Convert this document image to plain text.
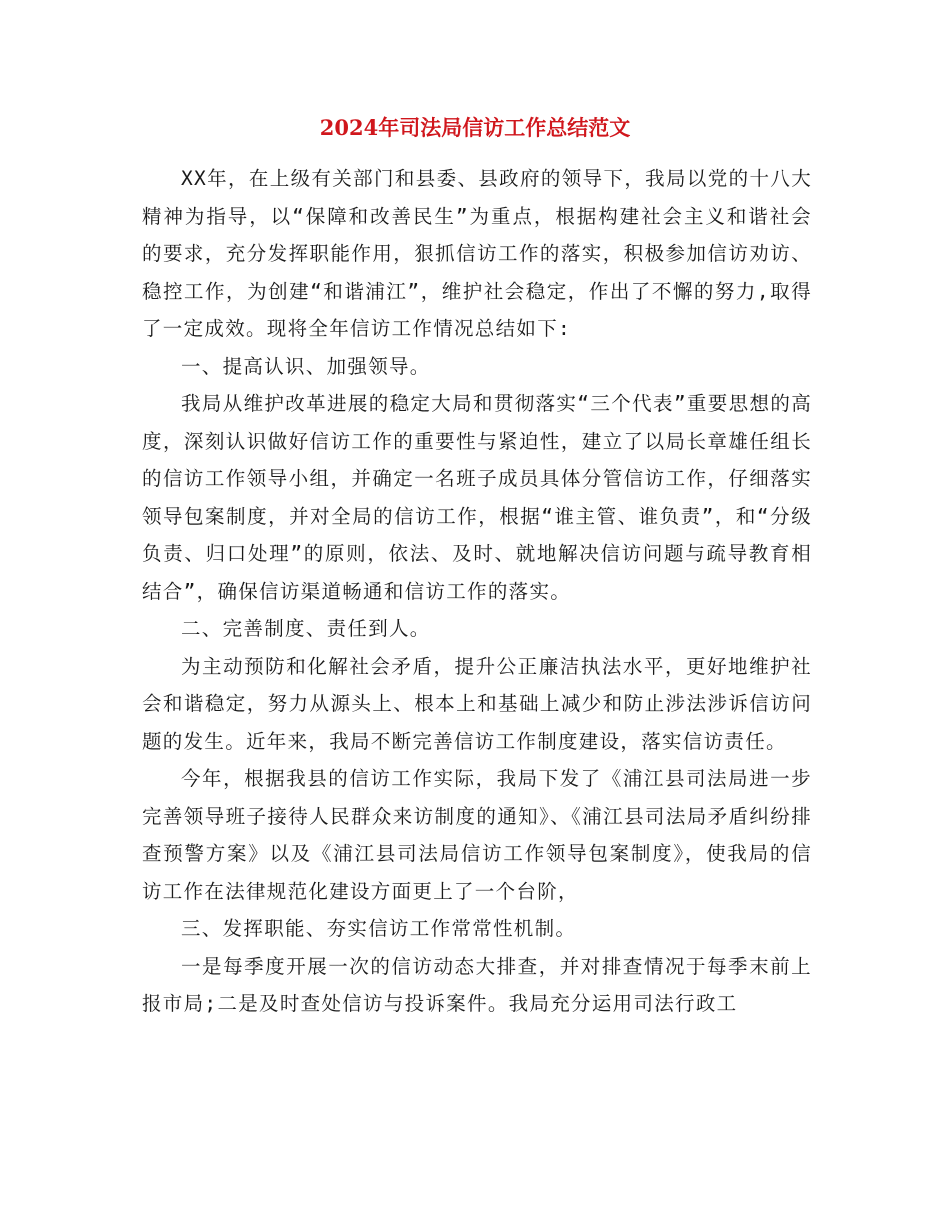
2024年司法局信访工作总结范文

XX年，在上级有关部门和县委、县政府的领导下，我局以党的十八大精神为指导，以“保障和改善民生”为重点，根据构建社会主义和谐社会的要求，充分发挥职能作用，狠抓信访工作的落实，积极参加信访劝访、稳控工作，为创建“和谐浦江”，维护社会稳定，作出了不懈的努力,取得了一定成效。现将全年信访工作情况总结如下:

一、提高认识、加强领导。

我局从维护改革进展的稳定大局和贯彻落实“三个代表”重要思想的高度，深刻认识做好信访工作的重要性与紧迫性，建立了以局长章雄任组长的信访工作领导小组，并确定一名班子成员具体分管信访工作，仔细落实领导包案制度，并对全局的信访工作，根据“谁主管、谁负责”，和“分级负责、归口处理”的原则，依法、及时、就地解决信访问题与疏导教育相结合”，确保信访渠道畅通和信访工作的落实。

二、完善制度、责任到人。

为主动预防和化解社会矛盾，提升公正廉洁执法水平，更好地维护社会和谐稳定，努力从源头上、根本上和基础上减少和防止涉法涉诉信访问题的发生。近年来，我局不断完善信访工作制度建设，落实信访责任。

今年，根据我县的信访工作实际，我局下发了《浦江县司法局进一步完善领导班子接待人民群众来访制度的通知》、《浦江县司法局矛盾纠纷排查预警方案》以及《浦江县司法局信访工作领导包案制度》，使我局的信访工作在法律规范化建设方面更上了一个台阶，

三、发挥职能、夯实信访工作常常性机制。

一是每季度开展一次的信访动态大排查，并对排查情况于每季末前上报市局;二是及时查处信访与投诉案件。我局充分运用司法行政工
